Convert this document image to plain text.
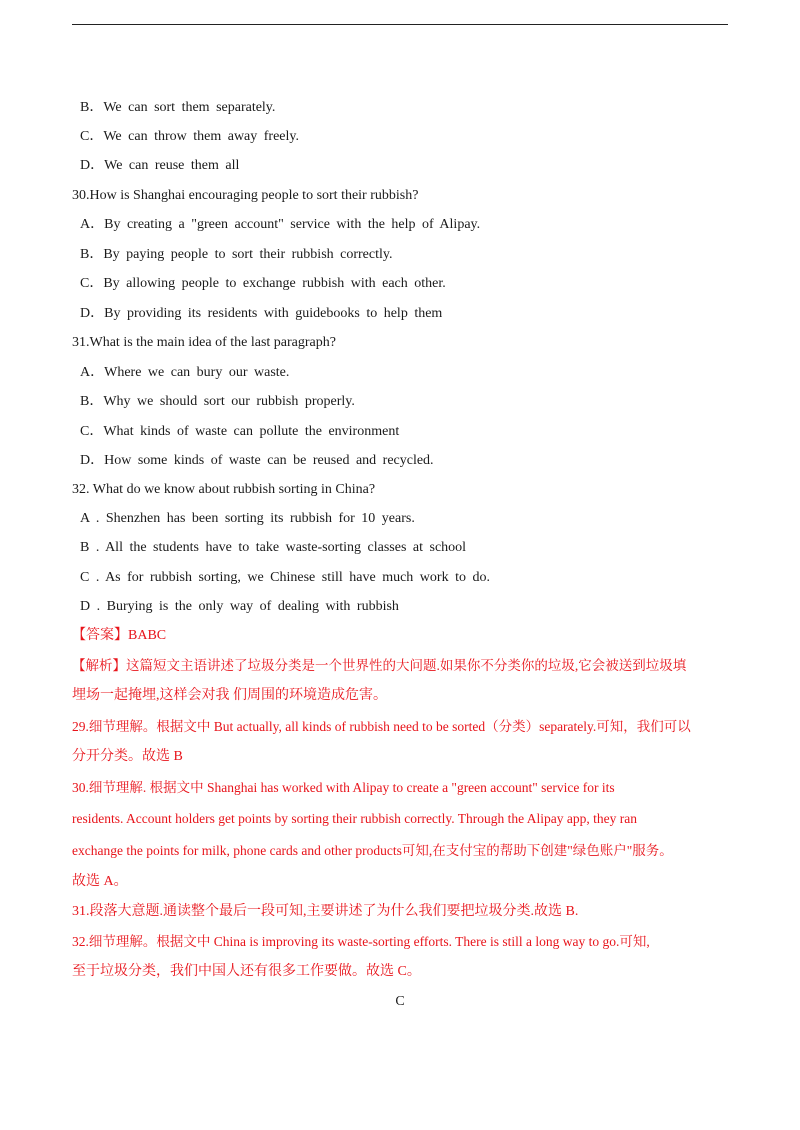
B．We can sort them separately.
C．We can throw them away freely.
D．We can reuse them all
30.How is Shanghai encouraging people to sort their rubbish?
A．By creating a "green account" service with the help of Alipay.
B．By paying people to sort their rubbish correctly.
C．By allowing people to exchange rubbish with each other.
D．By providing its residents with guidebooks to help them
31.What is the main idea of the last paragraph?
A．Where we can bury our waste.
B．Why we should sort our rubbish properly.
C．What kinds of waste can pollute the environment
D．How some kinds of waste can be reused and recycled.
32. What do we know about rubbish sorting in China?
A . Shenzhen has been sorting its rubbish for 10 years.
B . All the students have to take waste-sorting classes at school
C . As for rubbish sorting, we Chinese still have much work to do.
D . Burying is the only way of dealing with rubbish
【答案】BABC
【解析】这篇短文主语讲述了垃圾分类是一个世界性的大问题.如果你不分类你的垃圾,它会被送到垃圾填
埋场一起掩埋,这样会对我 们周围的环境造成危害。
29.细节理解。根据文中 But actually, all kinds of rubbish need to be sorted（分类）separately.可知，我们可以
分开分类。故选 B
30.细节理解. 根据文中 Shanghai has worked with Alipay to create a "green account" service for its
residents. Account holders get points by sorting their rubbish correctly. Through the Alipay app, they ran
exchange the points for milk, phone cards and other products可知,在支付宝的帮助下创建"绿色账户"服务。
故选 A。
31.段落大意题.通读整个最后一段可知,主要讲述了为什么我们要把垃圾分类.故选 B.
32.细节理解。根据文中 China is improving its waste-sorting efforts. There is still a long way to go.可知,
至于垃圾分类，我们中国人还有很多工作要做。故选 C。
C
